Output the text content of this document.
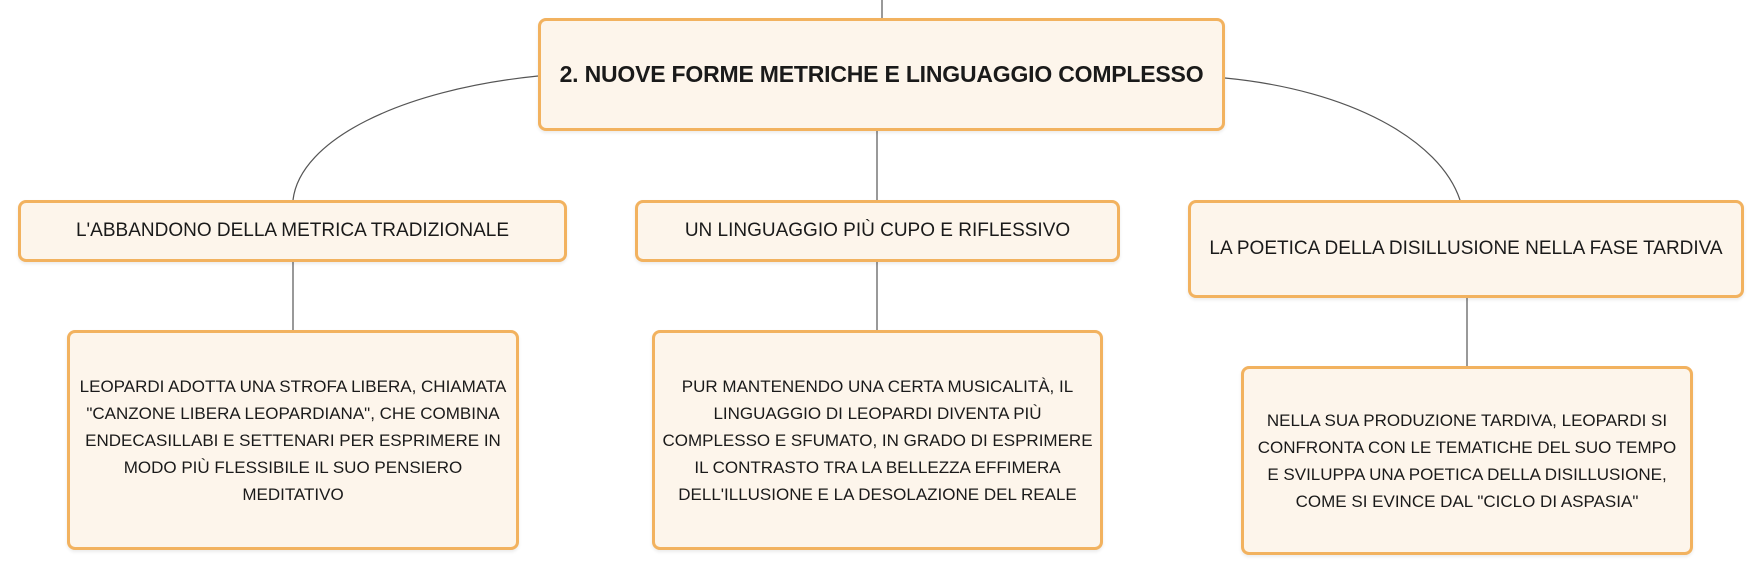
2. NUOVE FORME METRICHE E LINGUAGGIO COMPLESSO
L'ABBANDONO DELLA METRICA TRADIZIONALE	UN LINGUAGGIO PIÙ CUPO E RIFLESSIVO
LA POETICA DELLA DISILLUSIONE NELLA FASE TARDIVA
LEOPARDI ADOTTA UNA STROFA LIBERA, CHIAMATA "CANZONE LIBERA LEOPARDIANA", CHE COMBINA ENDECASILLABI E SETTENARI PER ESPRIMERE IN MODO PIÙ FLESSIBILE IL SUO PENSIERO MEDITATIVO
PUR MANTENENDO UNA CERTA MUSICALITÀ, IL LINGUAGGIO DI LEOPARDI DIVENTA PIÙ COMPLESSO E SFUMATO, IN GRADO DI ESPRIMERE IL CONTRASTO TRA LA BELLEZZA EFFIMERA DELL'ILLUSIONE E LA DESOLAZIONE DEL REALE
NELLA SUA PRODUZIONE TARDIVA, LEOPARDI SI CONFRONTA CON LE TEMATICHE DEL SUO TEMPO E SVILUPPA UNA POETICA DELLA DISILLUSIONE, COME SI EVINCE DAL "CICLO DI ASPASIA"
